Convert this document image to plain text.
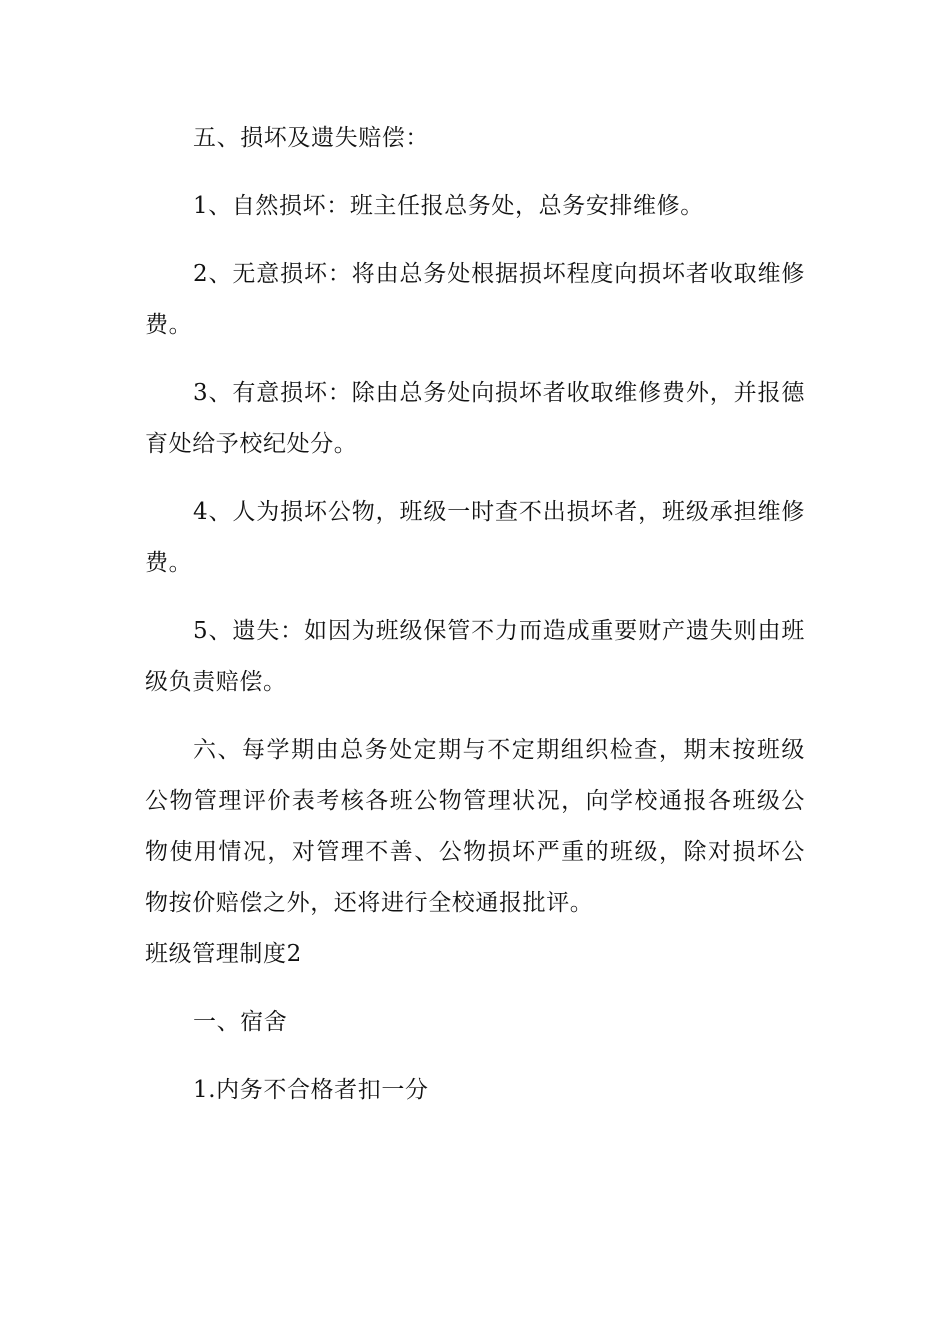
五、损坏及遗失赔偿：

1、自然损坏：班主任报总务处，总务安排维修。

2、无意损坏：将由总务处根据损坏程度向损坏者收取维修费。

3、有意损坏：除由总务处向损坏者收取维修费外，并报德育处给予校纪处分。

4、人为损坏公物，班级一时查不出损坏者，班级承担维修费。

5、遗失：如因为班级保管不力而造成重要财产遗失则由班级负责赔偿。

六、每学期由总务处定期与不定期组织检查，期末按班级公物管理评价表考核各班公物管理状况，向学校通报各班级公物使用情况，对管理不善、公物损坏严重的班级，除对损坏公物按价赔偿之外，还将进行全校通报批评。

班级管理制度2

一、宿舍

1.内务不合格者扣一分
